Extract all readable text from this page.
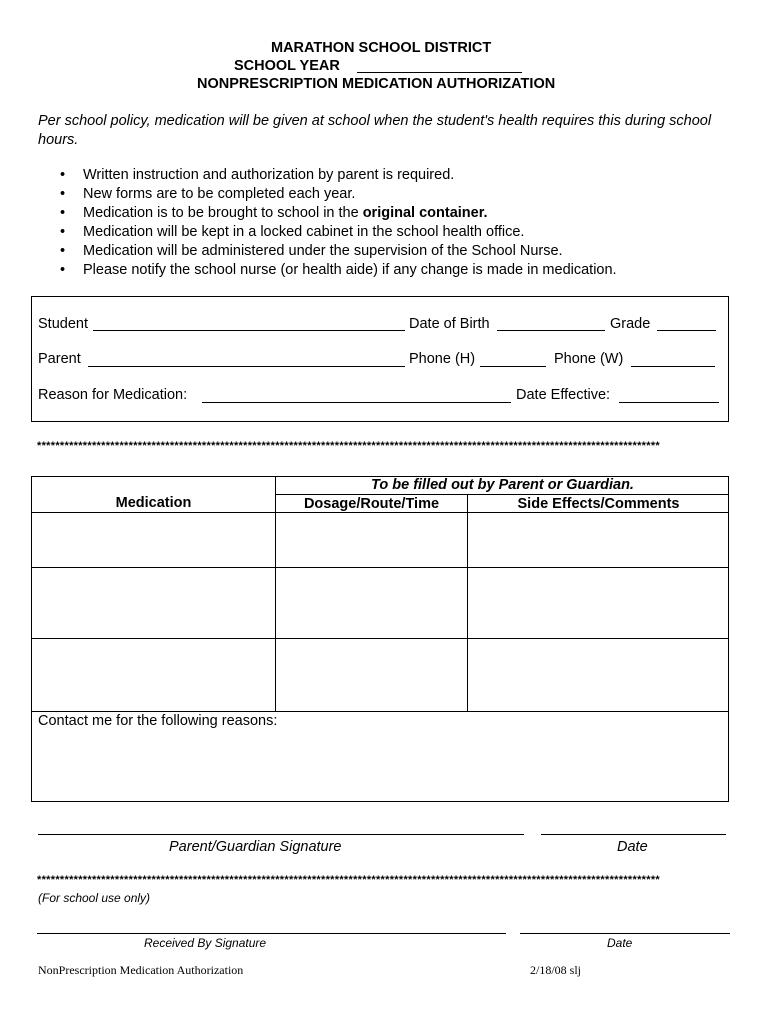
MARATHON SCHOOL DISTRICT
SCHOOL YEAR
NONPRESCRIPTION MEDICATION AUTHORIZATION
Per school policy, medication will be given at school when the student's health requires this during school hours.
• Written instruction and authorization by parent is required.
• New forms are to be completed each year.
• Medication is to be brought to school in the original container.
• Medication will be kept in a locked cabinet in the school health office.
• Medication will be administered under the supervision of the School Nurse.
• Please notify the school nurse (or health aide) if any change is made in medication.
Student	Date of Birth	Grade
Parent	Phone (H)	Phone (W)
Reason for Medication:	Date Effective:
****************************************************************************************************************************************
To be filled out by Parent or Guardian.
Medication	Dosage/Route/Time	Side Effects/Comments
Contact me for the following reasons:
Parent/Guardian Signature	Date
****************************************************************************************************************************************
(For school use only)
Received By Signature	Date
NonPrescription Medication Authorization	2/18/08 slj
